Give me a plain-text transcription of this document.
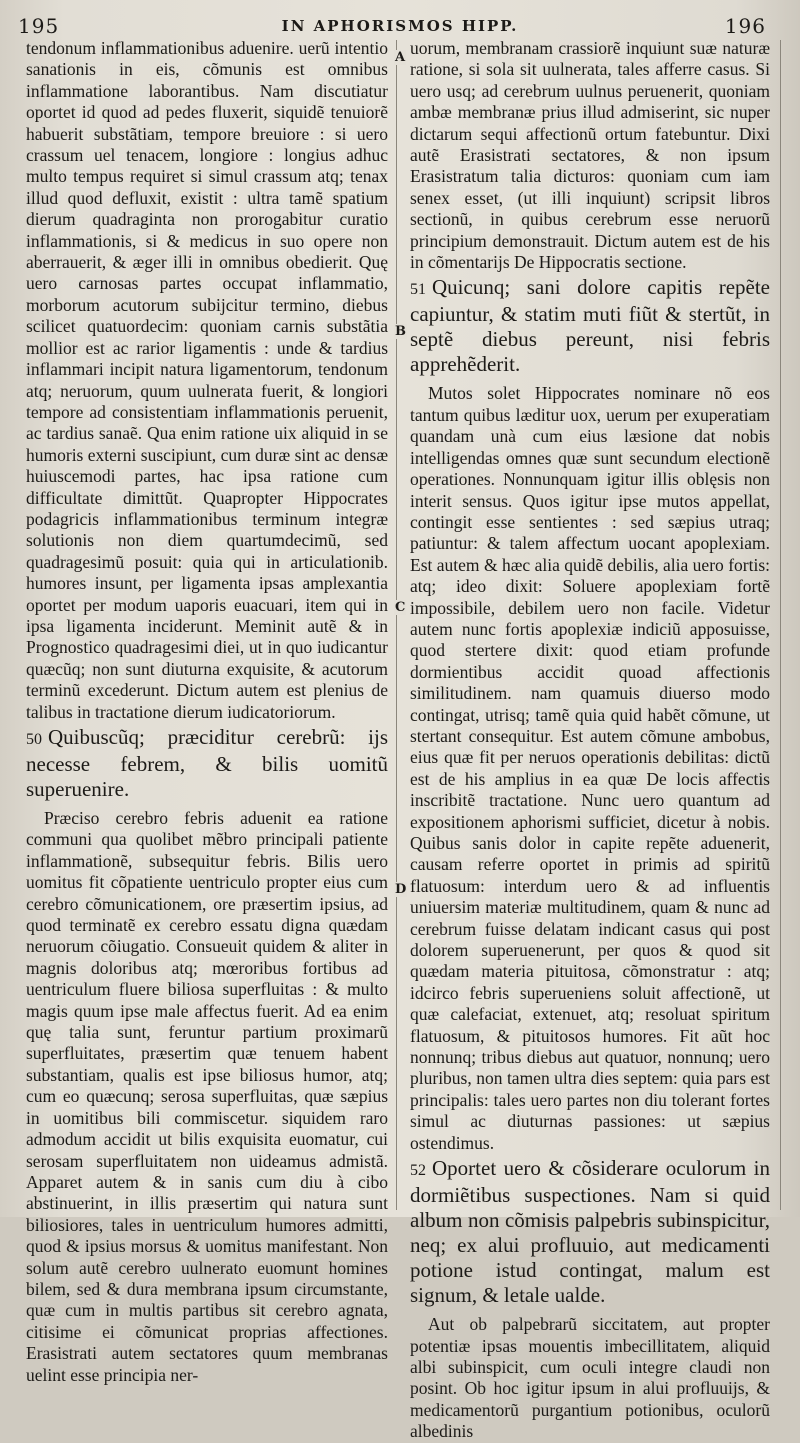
195	IN APHORISMOS HIPP.	196
A
B
C
D

tendonum inflammationibus aduenire. uerũ intentio sanationis in eis, cõmunis est omnibus inflammatione laborantibus. Nam discutiatur oportet id quod ad pedes fluxerit, siquidẽ tenuiorẽ habuerit substãtiam, tempore breuiore : si uero crassum uel tenacem, longiore : longius adhuc multo tempus requiret si simul crassum atq; tenax illud quod defluxit, existit : ultra tamẽ spatium dierum quadraginta non prorogabitur curatio inflammationis, si & medicus in suo opere non aberrauerit, & æger illi in omnibus obedierit. Quę uero carnosas partes occupat inflammatio, morborum acutorum subijcitur termino, diebus scilicet quatuordecim: quoniam carnis substãtia mollior est ac rarior ligamentis : unde & tardius inflammari incipit natura ligamentorum, tendonum atq; neruorum, quum uulnerata fuerit, & longiori tempore ad consistentiam inflammationis peruenit, ac tardius sanaẽ. Qua enim ratione uix aliquid in se humoris externi suscipiunt, cum duræ sint ac densæ huiuscemodi partes, hac ipsa ratione cum difficultate dimittũt. Quapropter Hippocrates podagricis inflammationibus terminum integræ solutionis non diem quartumdecimũ, sed quadragesimũ posuit: quia qui in articulationib. humores insunt, per ligamenta ipsas amplexantia oportet per modum uaporis euacuari, item qui in ipsa ligamenta inciderunt. Meminit autẽ & in Prognostico quadragesimi diei, ut in quo iudicantur quæcũq; non sunt diuturna exquisite, & acutorum terminũ excederunt. Dictum autem est plenius de talibus in tractatione dierum iudicatoriorum.

50 Quibuscũq; præciditur cerebrũ: ijs necesse febrem, & bilis uomitũ superuenire.

Præciso cerebro febris aduenit ea ratione communi qua quolibet mẽbro principali patiente inflammationẽ, subsequitur febris. Bilis uero uomitus fit cõpatiente uentriculo propter eius cum cerebro cõmunicationem, ore præsertim ipsius, ad quod terminatẽ ex cerebro essatu digna quædam neruorum cõiugatio. Consueuit quidem & aliter in magnis doloribus atq; mœroribus fortibus ad uentriculum fluere biliosa superfluitas : & multo magis quum ipse male affectus fuerit. Ad ea enim quę talia sunt, feruntur partium proximarũ superfluitates, præsertim quæ tenuem habent substantiam, qualis est ipse biliosus humor, atq; cum eo quæcunq; serosa superfluitas, quæ sæpius in uomitibus bili commiscetur. siquidem raro admodum accidit ut bilis exquisita euomatur, cui serosam superfluitatem non uideamus admistã. Apparet autem & in sanis cum diu à cibo abstinuerint, in illis præsertim qui natura sunt biliosiores, tales in uentriculum humores admitti, quod & ipsius morsus & uomitus manifestant. Non solum autẽ cerebro uulnerato euomunt homines bilem, sed & dura membrana ipsum circumstante, quæ cum in multis partibus sit cerebro agnata, citisime ei cõmunicat proprias affectiones. Erasistrati autem sectatores quum membranas uelint esse principia ner-

uorum, membranam crassiorẽ inquiunt suæ naturæ ratione, si sola sit uulnerata, tales afferre casus. Si uero usq; ad cerebrum uulnus peruenerit, quoniam ambæ membranæ prius illud admiserint, sic nuper dictarum sequi affectionũ ortum fatebuntur. Dixi autẽ Erasistrati sectatores, & non ipsum Erasistratum talia dicturos: quoniam cum iam senex esset, (ut illi inquiunt) scripsit libros sectionũ, in quibus cerebrum esse neruorũ principium demonstrauit. Dictum autem est de his in cõmentarijs De Hippocratis sectione.

51 Quicunq; sani dolore capitis repẽte capiuntur, & statim muti fiũt & stertũt, in septẽ diebus pereunt, nisi febris apprehẽderit.

Mutos solet Hippocrates nominare nõ eos tantum quibus læditur uox, uerum per exuperatiam quandam unà cum eius læsione dat nobis intelligendas omnes quæ sunt secundum electionẽ operationes. Nonnunquam igitur illis oblęsis non interit sensus. Quos igitur ipse mutos appellat, contingit esse sentientes : sed sæpius utraq; patiuntur: & talem affectum uocant apoplexiam. Est autem & hæc alia quidẽ debilis, alia uero fortis: atq; ideo dixit: Soluere apoplexiam fortẽ impossibile, debilem uero non facile. Videtur autem nunc fortis apoplexiæ indiciũ apposuisse, quod stertere dixit: quod etiam profunde dormientibus accidit quoad affectionis similitudinem. nam quamuis diuerso modo contingat, utrisq; tamẽ quia quid habẽt cõmune, ut stertant consequitur. Est autem cõmune ambobus, eius quæ fit per neruos operationis debilitas: dictũ est de his amplius in ea quæ De locis affectis inscribitẽ tractatione. Nunc uero quantum ad expositionem aphorismi sufficiet, dicetur à nobis. Quibus sanis dolor in capite repẽte aduenerit, causam referre oportet in primis ad spiritũ flatuosum: interdum uero & ad influentis uniuersim materiæ multitudinem, quam & nunc ad cerebrum fuisse delatam indicant casus qui post dolorem superuenerunt, per quos & quod sit quædam materia pituitosa, cõmonstratur : atq; idcirco febris superueniens soluit affectionẽ, ut quæ calefaciat, extenuet, atq; resoluat spiritum flatuosum, & pituitosos humores. Fit aũt hoc nonnunq; tribus diebus aut quatuor, nonnunq; uero pluribus, non tamen ultra dies septem: quia pars est principalis: tales uero partes non diu tolerant fortes simul ac diuturnas passiones: ut sæpius ostendimus.

52 Oportet uero & cõsiderare oculorum in dormiẽtibus suspectiones. Nam si quid album non cõmisis palpebris subinspicitur, neq; ex alui profluuio, aut medicamenti potione istud contingat, malum est signum, & letale ualde.

Aut ob palpebrarũ siccitatem, aut propter potentiæ ipsas mouentis imbecillitatem, aliquid albi subinspicit, cum oculi integre claudi non posint. Ob hoc igitur ipsum in alui profluuijs, & medicamentorũ purgantium potionibus, oculorũ albedinis
